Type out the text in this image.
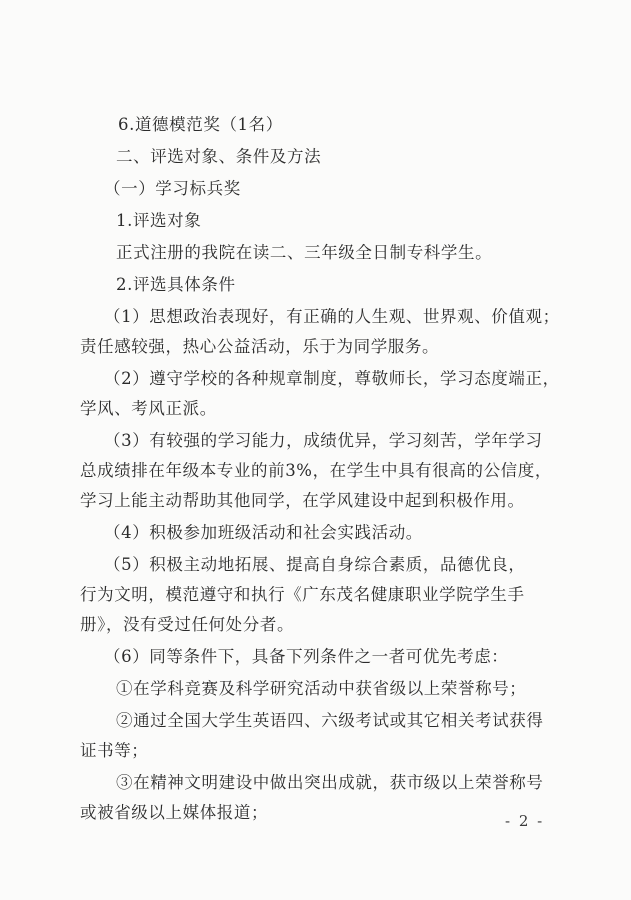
6.道德模范奖（1名）
二、评选对象、条件及方法
（一）学习标兵奖
1.评选对象
正式注册的我院在读二、三年级全日制专科学生。
2.评选具体条件
（1）思想政治表现好，有正确的人生观、世界观、价值观；
责任感较强，热心公益活动，乐于为同学服务。
（2）遵守学校的各种规章制度，尊敬师长，学习态度端正，
学风、考风正派。
（3）有较强的学习能力，成绩优异，学习刻苦，学年学习
总成绩排在年级本专业的前3%，在学生中具有很高的公信度，
学习上能主动帮助其他同学，在学风建设中起到积极作用。
（4）积极参加班级活动和社会实践活动。
（5）积极主动地拓展、提高自身综合素质，品德优良，
行为文明，模范遵守和执行《广东茂名健康职业学院学生手
册》，没有受过任何处分者。
（6）同等条件下，具备下列条件之一者可优先考虑：
①在学科竞赛及科学研究活动中获省级以上荣誉称号；
②通过全国大学生英语四、六级考试或其它相关考试获得
证书等；
③在精神文明建设中做出突出成就，获市级以上荣誉称号
或被省级以上媒体报道；	- 2 -
